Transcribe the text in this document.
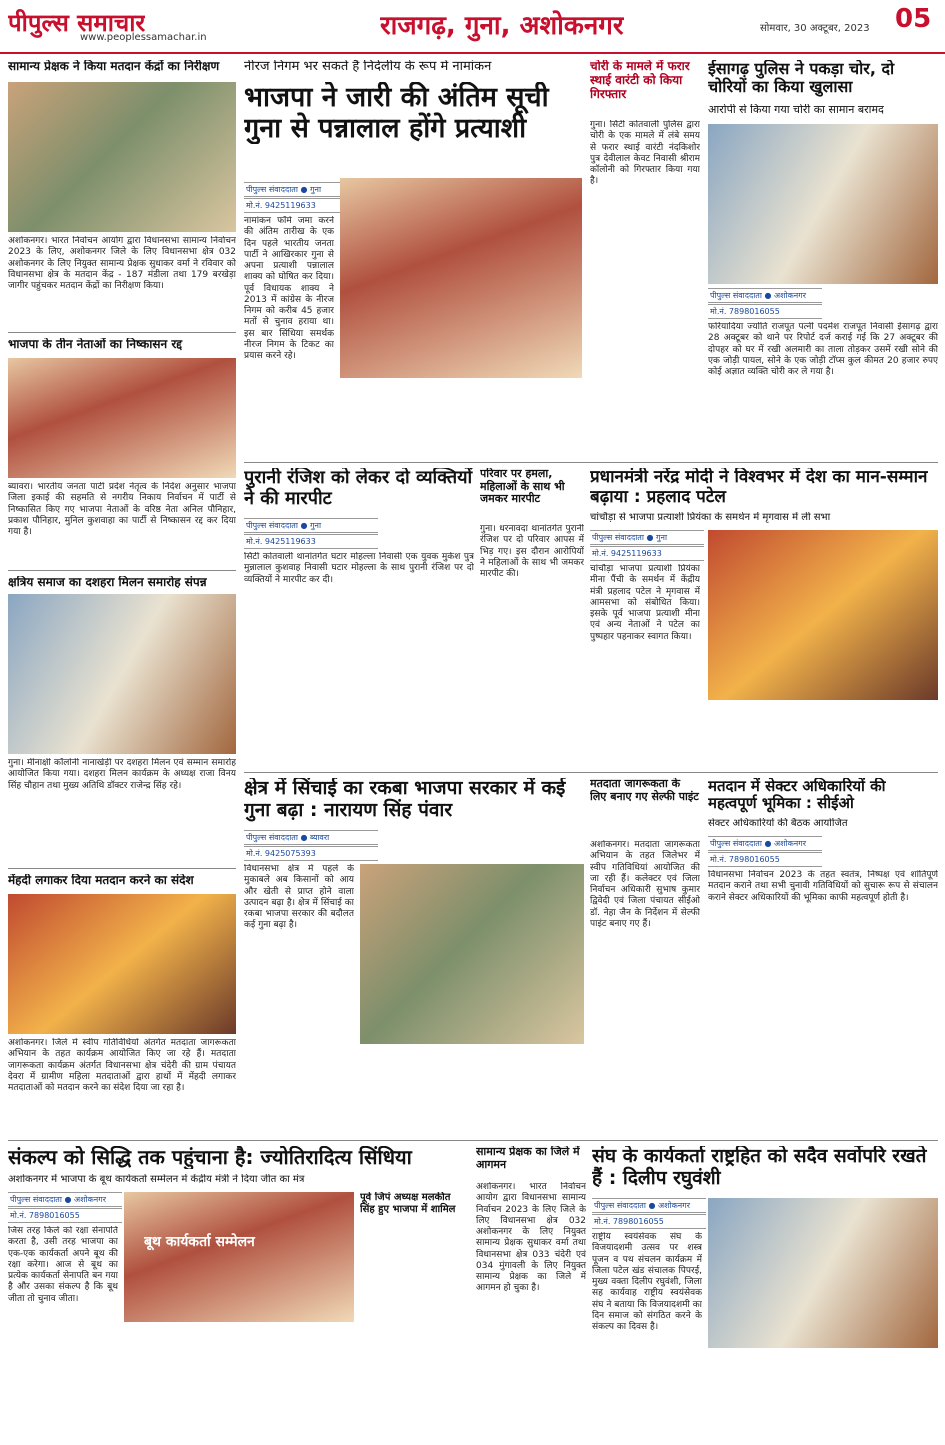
पीपुल्स समाचार
www.peoplessamachar.in	राजगढ़, गुना, अशोकनगर	सोमवार, 30 अक्टूबर, 2023 05
सामान्य प्रेक्षक ने किया मतदान केंद्रों का निरीक्षण
अशोकनगर। भारत निर्वाचन आयोग द्वारा विधानसभा सामान्य निर्वाचन 2023 के लिए, अशोकनगर जिले के लिए विधानसभा क्षेत्र 032 अशोकनगर के लिए नियुक्त सामान्य प्रेक्षक सुधाकर वर्मा ने रविवार को विधानसभा क्षेत्र के मतदान केंद्र - 187 मंडीला तथा 179 बरखेड़ा जागीर पहुंचकर मतदान केंद्रों का निरीक्षण किया।
भाजपा के तीन नेताओं का निष्कासन रद्द
ब्यावरा। भारतीय जनता पार्टी प्रदेश नेतृत्व के निर्देश अनुसार भाजपा जिला इकाई की सहमति से नगरीय निकाय निर्वाचन में पार्टी से निष्कासित किए गए भाजपा नेताओं के वरिष्ठ नेता अनिल पौनिहार, प्रकाश पौनिहार, मुनिल कुशवाहा का पार्टी से निष्कासन रद्द कर दिया गया है।
क्षत्रिय समाज का दशहरा मिलन समारोह संपन्न
गुना। मीनाक्षी कॉलोनी नानाखेड़ी पर दशहरा मिलन एवं सम्मान समारोह आयोजित किया गया। दशहरा मिलन कार्यक्रम के अध्यक्ष राजा विनय सिंह चौहान तथा मुख्य अतिथि डॉक्टर राजेन्द्र सिंह रहे।
मेंहदी लगाकर दिया मतदान करने का संदेश
अशोकनगर। जिले में स्वीप गतिविधियों अंतर्गत मतदाता जागरूकता अभियान के तहत कार्यक्रम आयोजित किए जा रहे हैं। मतदाता जागरूकता कार्यक्रम अंतर्गत विधानसभा क्षेत्र चंदेरी की ग्राम पंचायत देवरा में ग्रामीण महिला मतदाताओं द्वारा हाथों में मेंहदी लगाकर मतदाताओं को मतदान करने का संदेश दिया जा रहा है।
नीरज निगम भर सकते हैं निर्दलीय के रूप में नामांकन
भाजपा ने जारी की अंतिम सूची गुना से पन्नालाल होंगे प्रत्याशी
पीपुल्स संवाददाता ● गुना
मो.नं. 9425119633
नामांकन फॉर्म जमा करने की अंतिम तारीख के एक दिन पहले भारतीय जनता पार्टी ने आखिरकार गुना से अपना प्रत्याशी पन्नालाल शाक्य को घोषित कर दिया। पूर्व विधायक शाक्य ने 2013 में कांग्रेस के नीरज निगम को करीब 45 हजार मतों से चुनाव हराया था। इस बार सिंधिया समर्थक नीरज निगम के टिकट का प्रयास करने रहे।
चोरी के मामले में फरार स्थाई वारंटी को किया गिरफ्तार
गुना। सिटी कोतवाली पुलिस द्वारा चोरी के एक मामले में लंबे समय से फरार स्थाई वारंटी नंदकिशोर पुत्र देवीलाल केवट निवासी श्रीराम कॉलोनी को गिरफ्तार किया गया है।
ईसागढ़ पुलिस ने पकड़ा चोर, दो चोरियों का किया खुलासा
आरोपी से किया गया चोरी का सामान बरामद
पीपुल्स संवाददाता ● अशोकनगर
मो.नं. 7898016055
फरियादिया ज्योति राजपूत पत्नी पदमेश राजपूत निवासी ईसागढ़ द्वारा 28 अक्टूबर को थाने पर रिपोर्ट दर्ज कराई गई कि 27 अक्टूबर की दोपहर को घर में रखी अलमारी का ताला तोड़कर उसमें रखी सोने की एक जोड़ी पायल, सोने के एक जोड़ी टॉप्स कुल कीमत 20 हजार रुपए कोई अज्ञात व्यक्ति चोरी कर ले गया है।
पुरानी रंजिश को लेकर दो व्यक्तियों ने की मारपीट
पीपुल्स संवाददाता ● गुना
मो.नं. 9425119633
सिटी कोतवाली थानांतर्गत घटार मोहल्ला निवासी एक युवक मुकेश पुत्र मुन्नालाल कुशवाह निवासी घटार मोहल्ला के साथ पुरानी रंजिश पर दो व्यक्तियों ने मारपीट कर दी।
परिवार पर हमला, महिलाओं के साथ भी जमकर मारपीट
गुना। धरनावदा थानांतर्गत पुरानी रंजिश पर दो परिवार आपस में भिड़ गए। इस दौरान आरोपियों ने महिलाओं के साथ भी जमकर मारपीट की।
प्रधानमंत्री नरेंद्र मोदी ने विश्वभर में देश का मान-सम्मान बढ़ाया : प्रहलाद पटेल
चांचौड़ा से भाजपा प्रत्याशी प्रियंका के समर्थन में मृगवास में ली सभा
पीपुल्स संवाददाता ● गुना
मो.नं. 9425119633
चांचौड़ा भाजपा प्रत्याशी प्रियंका मीना पैंची के समर्थन में केंद्रीय मंत्री प्रहलाद पटेल ने मृगवास में आमसभा को संबोधित किया। इसके पूर्व भाजपा प्रत्याशी मीना एवं अन्य नेताओं ने पटेल का पुष्पहार पहनाकर स्वागत किया।
क्षेत्र में सिंचाई का रकबा भाजपा सरकार में कई गुना बढ़ा : नारायण सिंह पंवार
पीपुल्स संवाददाता ● ब्यावरा
मो.नं. 9425075393
विधानसभा क्षेत्र में पहले के मुकाबले अब किसानों को आय और खेती से प्राप्त होने वाला उत्पादन बढ़ा है। क्षेत्र में सिंचाई का रकबा भाजपा सरकार की बदौलत कई गुना बढ़ा है।
मतदाता जागरूकता के लिए बनाए गए सेल्फी पाइंट
अशोकनगर। मतदाता जागरूकता अभियान के तहत जिलेभर में स्वीप गतिविधियां आयोजित की जा रही हैं। कलेक्टर एवं जिला निर्वाचन अधिकारी सुभाष कुमार द्विवेदी एवं जिला पंचायत सीईओ डॉ. नेहा जैन के निर्देशन में सेल्फी पाइंट बनाए गए हैं।
मतदान में सेक्टर अधिकारियों की महत्वपूर्ण भूमिका : सीईओ
सेक्टर अधिकारियों की बैठक आयोजित
पीपुल्स संवाददाता ● अशोकनगर
मो.नं. 7898016055
विधानसभा निर्वाचन 2023 के तहत स्वतंत्र, निष्पक्ष एवं शांतिपूर्ण मतदान कराने तथा सभी चुनावी गतिविधियों को सुचारू रूप से संचालन कराने सेक्टर अधिकारियों की भूमिका काफी महत्वपूर्ण होती है।
संकल्प को सिद्धि तक पहुंचाना है: ज्योतिरादित्य सिंधिया
अशोकनगर में भाजपा के बूथ कार्यकर्ता सम्मेलन में केंद्रीय मंत्री ने दिया जीत का मंत्र
पीपुल्स संवाददाता ● अशोकनगर
मो.नं. 7898016055
जिस तरह किले को रक्षा सेनापति करता है, उसी तरह भाजपा का एक-एक कार्यकर्ता अपने बूथ की रक्षा करेगा। आज से बूथ का प्रत्येक कार्यकर्ता सेनापति बन गया है और उसका संकल्प है कि बूथ जीता तो चुनाव जीता।
बूथ कार्यकर्ता सम्मेलन
पूर्व जिपं अध्यक्ष मलकीत सिंह हुए भाजपा में शामिल
सामान्य प्रेक्षक का जिले में आगमन
अशोकनगर। भारत निर्वाचन आयोग द्वारा विधानसभा सामान्य निर्वाचन 2023 के लिए जिले के लिए विधानसभा क्षेत्र 032 अशोकनगर के लिए नियुक्त सामान्य प्रेक्षक सुधाकर वर्मा तथा विधानसभा क्षेत्र 033 चंदेरी एवं 034 मुंगावली के लिए नियुक्त सामान्य प्रेक्षक का जिले में आगमन हो चुका है।
संघ के कार्यकर्ता राष्ट्रहित को सदैव सर्वोपरि रखते हैं : दिलीप रघुवंशी
पीपुल्स संवाददाता ● अशोकनगर
मो.नं. 7898016055
राष्ट्रीय स्वयंसेवक संघ के विजयादशमी उत्सव पर शस्त्र पूजन व पथ संचलन कार्यक्रम में जिला पटेल खंड संचालक पिपरई, मुख्य वक्ता दिलीप रघुवंशी, जिला सह कार्यवाह राष्ट्रीय स्वयंसेवक संघ ने बताया कि विजयादशमी का दिन समाज को संगठित करने के संकल्प का दिवस है।
